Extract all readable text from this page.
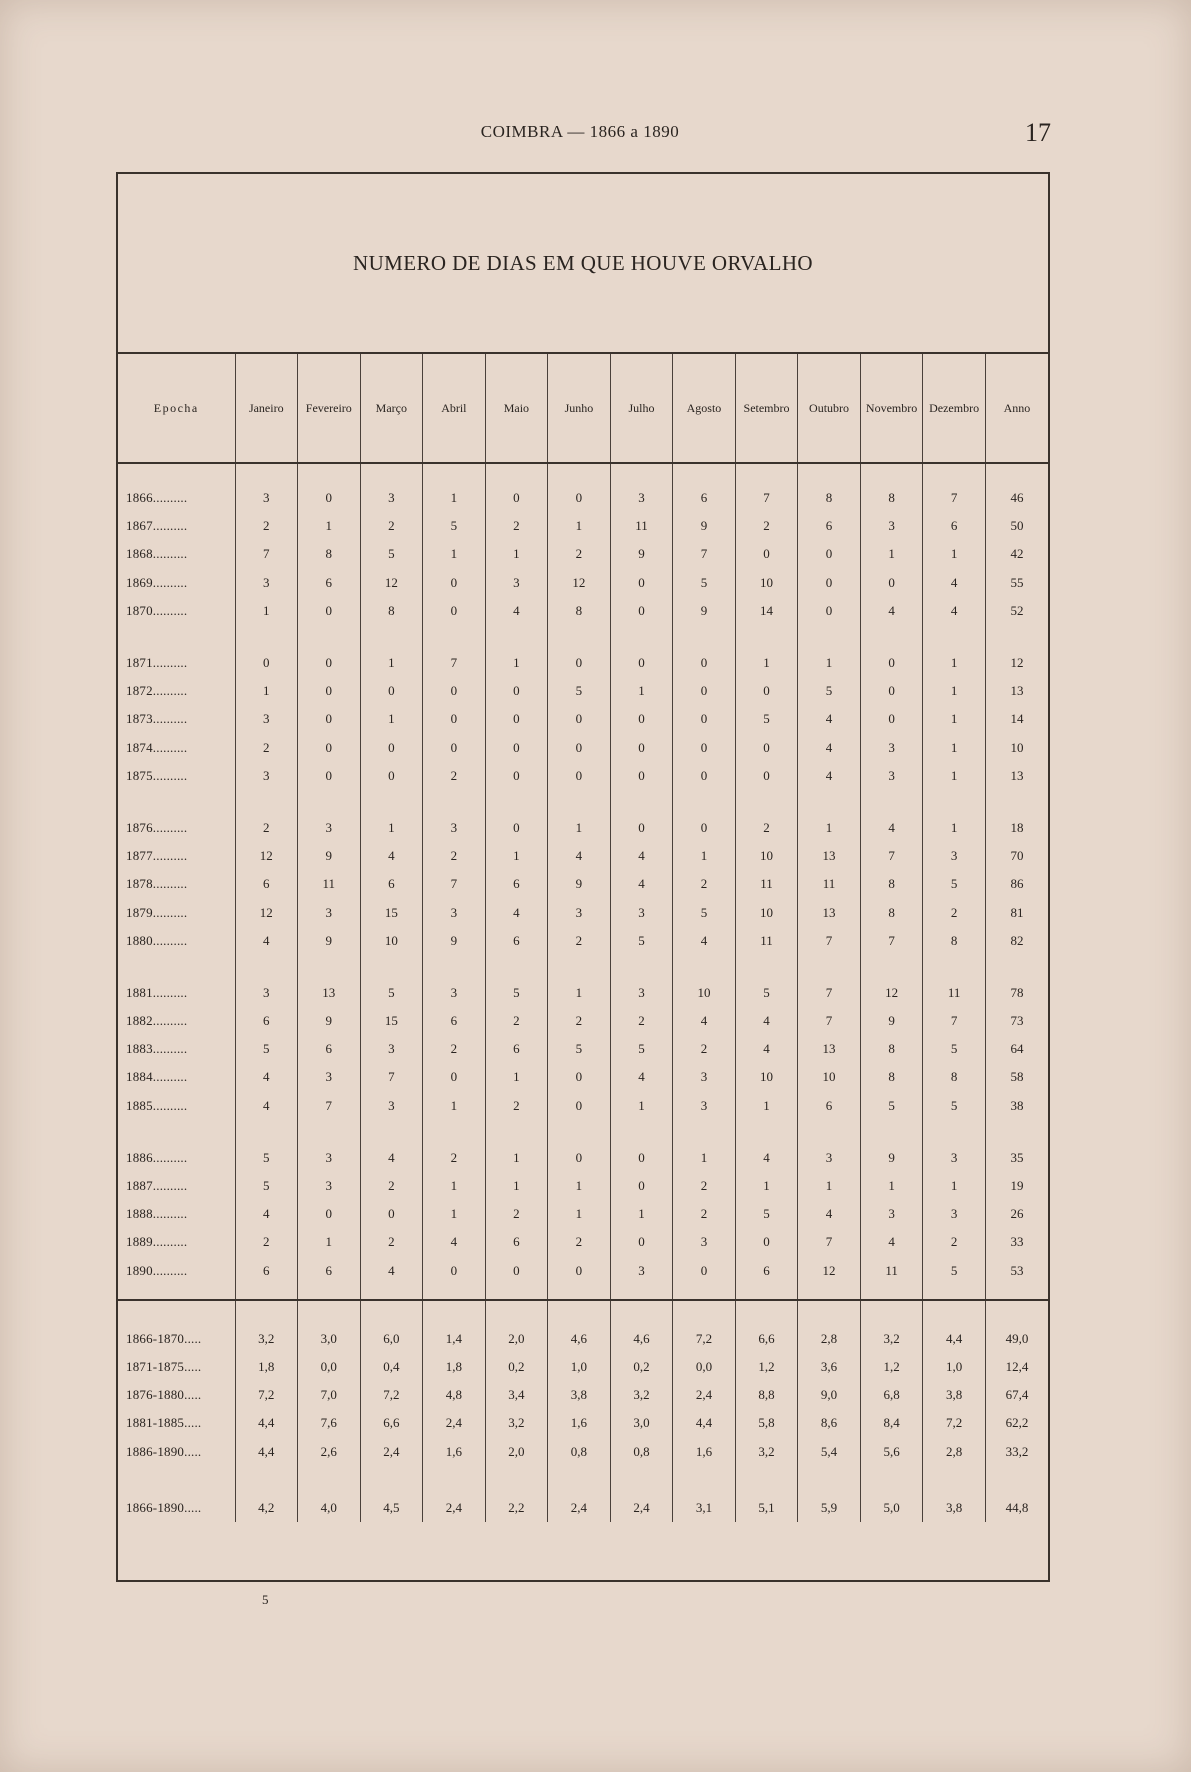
COIMBRA — 1866 a 1890	17
NUMERO DE DIAS EM QUE HOUVE ORVALHO
Epocha	Janeiro	Fevereiro	Março	Abril	Maio	Junho	Julho	Agosto	Setembro	Outubro	Novembro	Dezembro	Anno

1866..........	3	0	3	1	0	0	3	6	7	8	8	7	46
1867..........	2	1	2	5	2	1	11	9	2	6	3	6	50
1868..........	7	8	5	1	1	2	9	7	0	0	1	1	42
1869..........	3	6	12	0	3	12	0	5	10	0	0	4	55
1870..........	1	0	8	0	4	8	0	9	14	0	4	4	52

1871..........	0	0	1	7	1	0	0	0	1	1	0	1	12
1872..........	1	0	0	0	0	5	1	0	0	5	0	1	13
1873..........	3	0	1	0	0	0	0	0	5	4	0	1	14
1874..........	2	0	0	0	0	0	0	0	0	4	3	1	10
1875..........	3	0	0	2	0	0	0	0	0	4	3	1	13

1876..........	2	3	1	3	0	1	0	0	2	1	4	1	18
1877..........	12	9	4	2	1	4	4	1	10	13	7	3	70
1878..........	6	11	6	7	6	9	4	2	11	11	8	5	86
1879..........	12	3	15	3	4	3	3	5	10	13	8	2	81
1880..........	4	9	10	9	6	2	5	4	11	7	7	8	82

1881..........	3	13	5	3	5	1	3	10	5	7	12	11	78
1882..........	6	9	15	6	2	2	2	4	4	7	9	7	73
1883..........	5	6	3	2	6	5	5	2	4	13	8	5	64
1884..........	4	3	7	0	1	0	4	3	10	10	8	8	58
1885..........	4	7	3	1	2	0	1	3	1	6	5	5	38

1886..........	5	3	4	2	1	0	0	1	4	3	9	3	35
1887..........	5	3	2	1	1	1	0	2	1	1	1	1	19
1888..........	4	0	0	1	2	1	1	2	5	4	3	3	26
1889..........	2	1	2	4	6	2	0	3	0	7	4	2	33
1890..........	6	6	4	0	0	0	3	0	6	12	11	5	53

1866-1870.....	3,2	3,0	6,0	1,4	2,0	4,6	4,6	7,2	6,6	2,8	3,2	4,4	49,0
1871-1875.....	1,8	0,0	0,4	1,8	0,2	1,0	0,2	0,0	1,2	3,6	1,2	1,0	12,4
1876-1880.....	7,2	7,0	7,2	4,8	3,4	3,8	3,2	2,4	8,8	9,0	6,8	3,8	67,4
1881-1885.....	4,4	7,6	6,6	2,4	3,2	1,6	3,0	4,4	5,8	8,6	8,4	7,2	62,2
1886-1890.....	4,4	2,6	2,4	1,6	2,0	0,8	0,8	1,6	3,2	5,4	5,6	2,8	33,2

1866-1890.....	4,2	4,0	4,5	2,4	2,2	2,4	2,4	3,1	5,1	5,9	5,0	3,8	44,8
5
